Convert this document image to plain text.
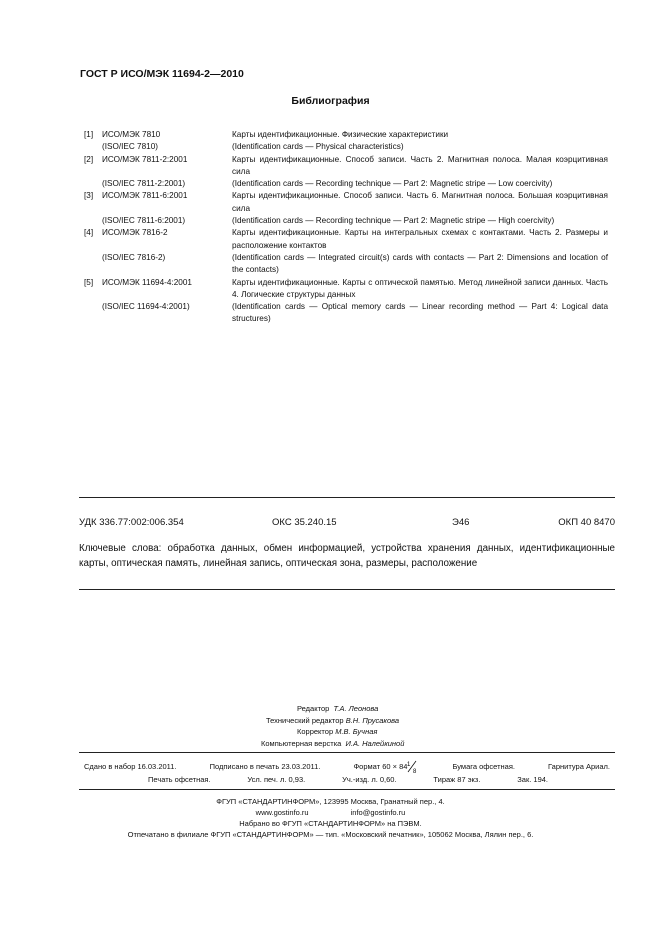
ГОСТ Р ИСО/МЭК 11694-2—2010
Библиография
[1]	ИСО/МЭК 7810	Карты идентификационные. Физические характеристики
(ISO/IEC 7810)	(Identification cards — Physical characteristics)
[2]	ИСО/МЭК 7811-2:2001	Карты идентификационные. Способ записи. Часть 2. Магнитная полоса. Малая коэрцитивная сила
(ISO/IEC 7811-2:2001)	(Identification cards — Recording technique — Part 2: Magnetic stripe — Low coercivity)
[3]	ИСО/МЭК 7811-6:2001	Карты идентификационные. Способ записи. Часть 6. Магнитная полоса. Большая коэрцитивная сила
(ISO/IEC 7811-6:2001)	(Identification cards — Recording technique — Part 2: Magnetic stripe — High coercivity)
[4]	ИСО/МЭК 7816-2	Карты идентификационные. Карты на интегральных схемах с контактами. Часть 2. Размеры и расположение контактов
(ISO/IEC 7816-2)	(Identification cards — Integrated circuit(s) cards with contacts — Part 2: Dimensions and location of the contacts)
[5]	ИСО/МЭК 11694-4:2001	Карты идентификационные. Карты с оптической памятью. Метод линейной записи данных. Часть 4. Логические структуры данных
(ISO/IEC 11694-4:2001)	(Identification cards — Optical memory cards — Linear recording method — Part 4: Logical data structures)
УДК 336.77:002:006.354	ОКС 35.240.15	Э46	ОКП 40 8470
Ключевые слова: обработка данных, обмен информацией, устройства хранения данных, идентификационные карты, оптическая память, линейная запись, оптическая зона, размеры, расположение
Редактор Т.А. Леонова
Технический редактор В.Н. Прусакова
Корректор М.В. Бучная
Компьютерная верстка И.А. Налейкиной
Сдано в набор 16.03.2011.	Подписано в печать 23.03.2011.	Формат 60 × 84 1
8
Бумага офсетная.	Гарнитура Ариал.
Печать офсетная.	Усл. печ. л. 0,93.	Уч.-изд. л. 0,60.	Тираж 87 экз.	Зак. 194.
ФГУП «СТАНДАРТИНФОРМ», 123995 Москва, Гранатный пер., 4.
www.gostinfo.ru	info@gostinfo.ru
Набрано во ФГУП «СТАНДАРТИНФОРМ» на ПЭВМ.
Отпечатано в филиале ФГУП «СТАНДАРТИНФОРМ» — тип. «Московский печатник», 105062 Москва, Лялин пер., 6.
